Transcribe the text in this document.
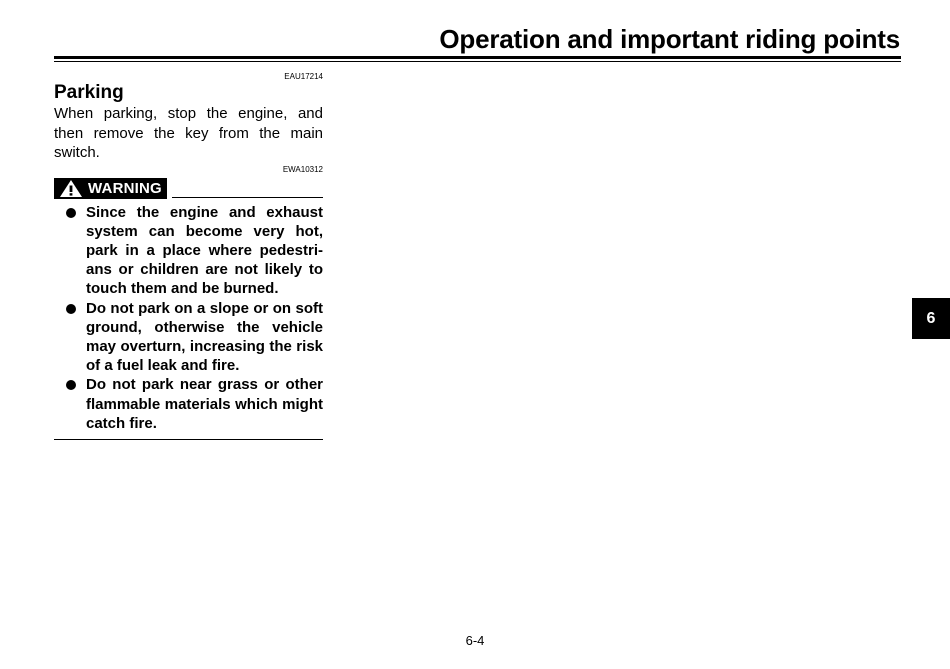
Operation and important riding points
EAU17214
Parking

When parking, stop the engine, and then remove the key from the main switch.

EWA10312
WARNING
Since the engine and exhaust system can become very hot, park in a place where pedestri-ans or children are not likely to touch them and be burned.
Do not park on a slope or on soft ground, otherwise the vehicle may overturn, increasing the risk of a fuel leak and fire.
Do not park near grass or other flammable materials which might catch fire.
6
6-4
